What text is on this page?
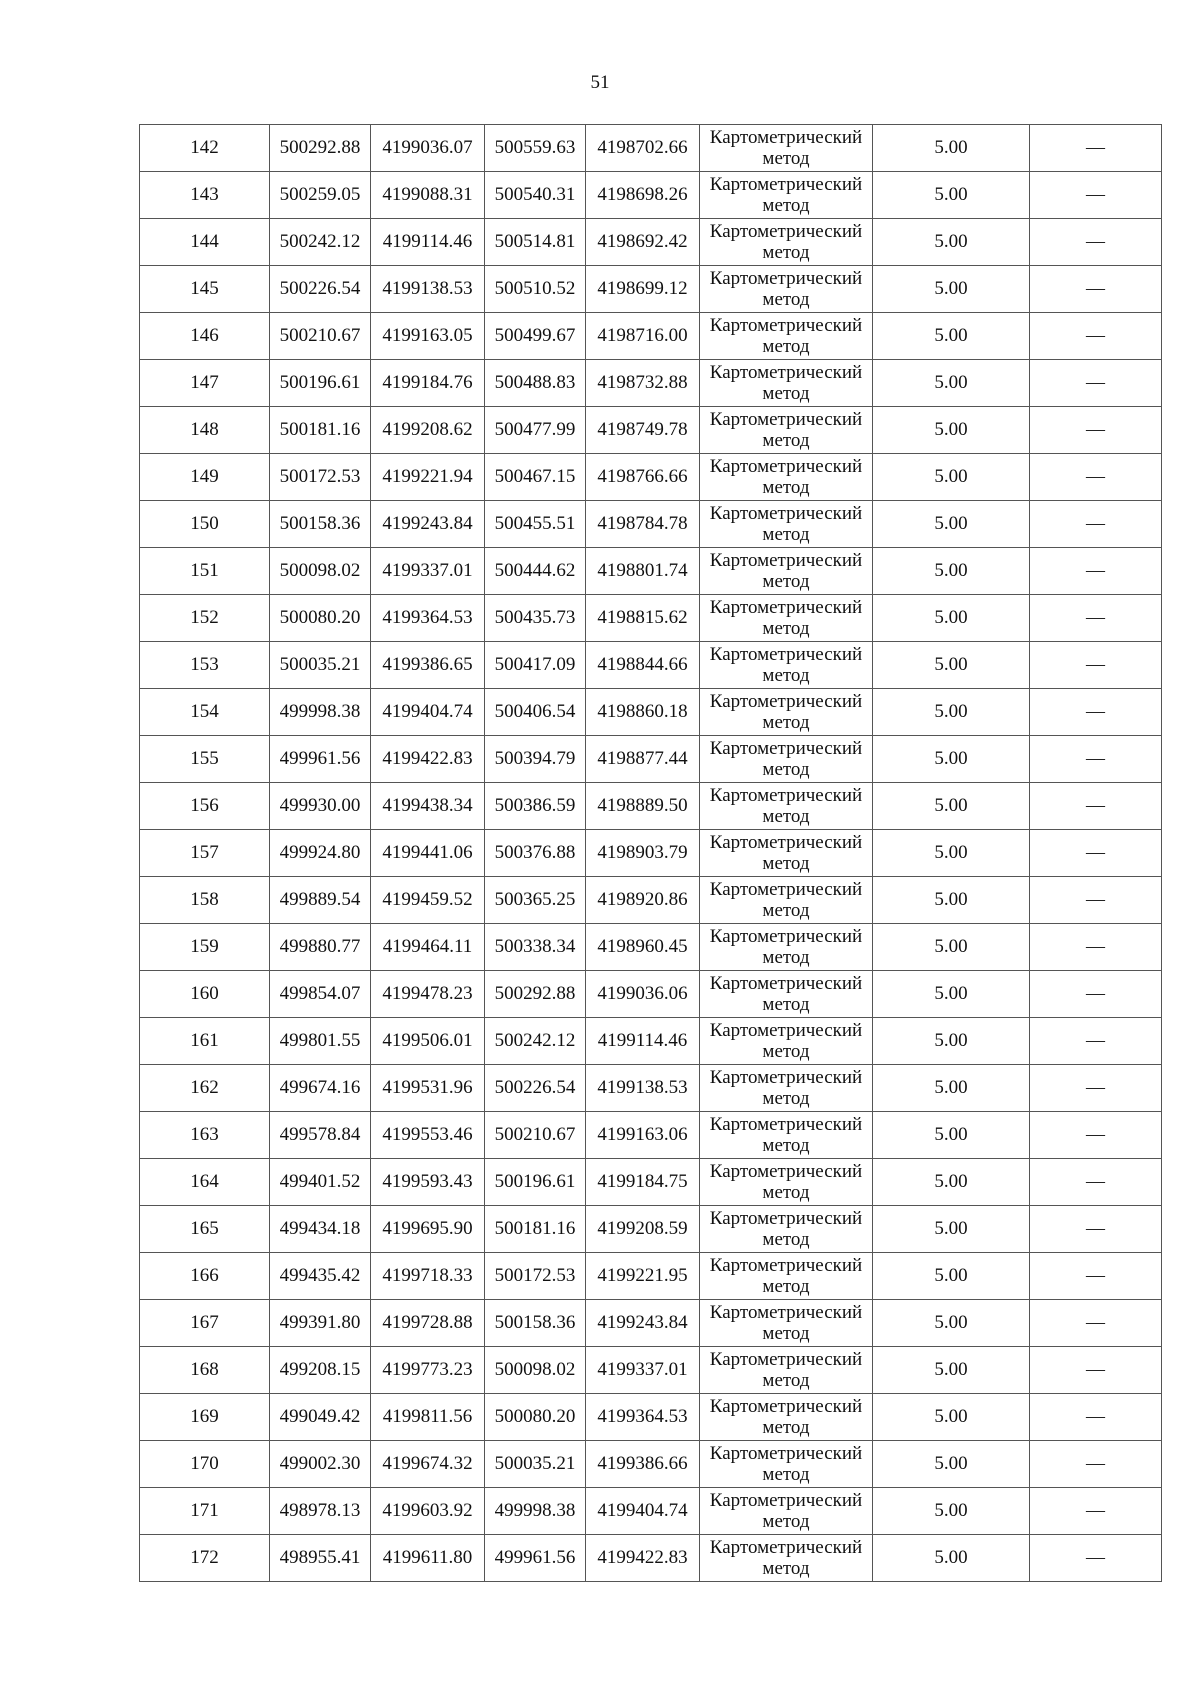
51
142	500292.88	4199036.07	500559.63	4198702.66	Картометрический
метод	5.00	—
143	500259.05	4199088.31	500540.31	4198698.26	Картометрический
метод	5.00	—
144	500242.12	4199114.46	500514.81	4198692.42	Картометрический
метод	5.00	—
145	500226.54	4199138.53	500510.52	4198699.12	Картометрический
метод	5.00	—
146	500210.67	4199163.05	500499.67	4198716.00	Картометрический
метод	5.00	—
147	500196.61	4199184.76	500488.83	4198732.88	Картометрический
метод	5.00	—
148	500181.16	4199208.62	500477.99	4198749.78	Картометрический
метод	5.00	—
149	500172.53	4199221.94	500467.15	4198766.66	Картометрический
метод	5.00	—
150	500158.36	4199243.84	500455.51	4198784.78	Картометрический
метод	5.00	—
151	500098.02	4199337.01	500444.62	4198801.74	Картометрический
метод	5.00	—
152	500080.20	4199364.53	500435.73	4198815.62	Картометрический
метод	5.00	—
153	500035.21	4199386.65	500417.09	4198844.66	Картометрический
метод	5.00	—
154	499998.38	4199404.74	500406.54	4198860.18	Картометрический
метод	5.00	—
155	499961.56	4199422.83	500394.79	4198877.44	Картометрический
метод	5.00	—
156	499930.00	4199438.34	500386.59	4198889.50	Картометрический
метод	5.00	—
157	499924.80	4199441.06	500376.88	4198903.79	Картометрический
метод	5.00	—
158	499889.54	4199459.52	500365.25	4198920.86	Картометрический
метод	5.00	—
159	499880.77	4199464.11	500338.34	4198960.45	Картометрический
метод	5.00	—
160	499854.07	4199478.23	500292.88	4199036.06	Картометрический
метод	5.00	—
161	499801.55	4199506.01	500242.12	4199114.46	Картометрический
метод	5.00	—
162	499674.16	4199531.96	500226.54	4199138.53	Картометрический
метод	5.00	—
163	499578.84	4199553.46	500210.67	4199163.06	Картометрический
метод	5.00	—
164	499401.52	4199593.43	500196.61	4199184.75	Картометрический
метод	5.00	—
165	499434.18	4199695.90	500181.16	4199208.59	Картометрический
метод	5.00	—
166	499435.42	4199718.33	500172.53	4199221.95	Картометрический
метод	5.00	—
167	499391.80	4199728.88	500158.36	4199243.84	Картометрический
метод	5.00	—
168	499208.15	4199773.23	500098.02	4199337.01	Картометрический
метод	5.00	—
169	499049.42	4199811.56	500080.20	4199364.53	Картометрический
метод	5.00	—
170	499002.30	4199674.32	500035.21	4199386.66	Картометрический
метод	5.00	—
171	498978.13	4199603.92	499998.38	4199404.74	Картометрический
метод	5.00	—
172	498955.41	4199611.80	499961.56	4199422.83	Картометрический
метод	5.00	—
